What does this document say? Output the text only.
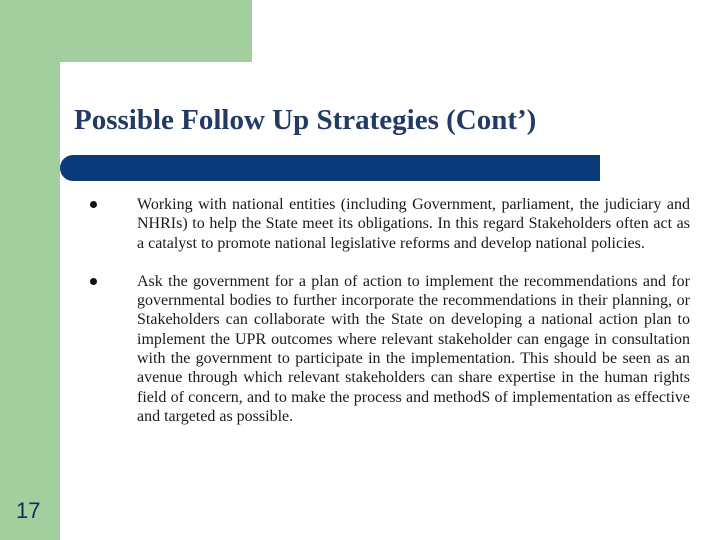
Possible Follow Up Strategies (Cont’)
Working with national entities (including Government, parliament, the judiciary and NHRIs) to help the State meet its obligations. In this regard Stakeholders often act as a catalyst to promote national legislative reforms and develop national policies.
Ask the government for a plan of action to implement the recommendations and for governmental bodies to further incorporate the recommendations in their planning, or Stakeholders can collaborate with the State on developing a national action plan to implement the UPR outcomes where relevant stakeholder can engage in consultation with the government to participate in the implementation. This should be seen as an avenue through which relevant stakeholders can share expertise in the human rights field of concern, and to make the process and methodS of implementation as effective and targeted as possible.
17
